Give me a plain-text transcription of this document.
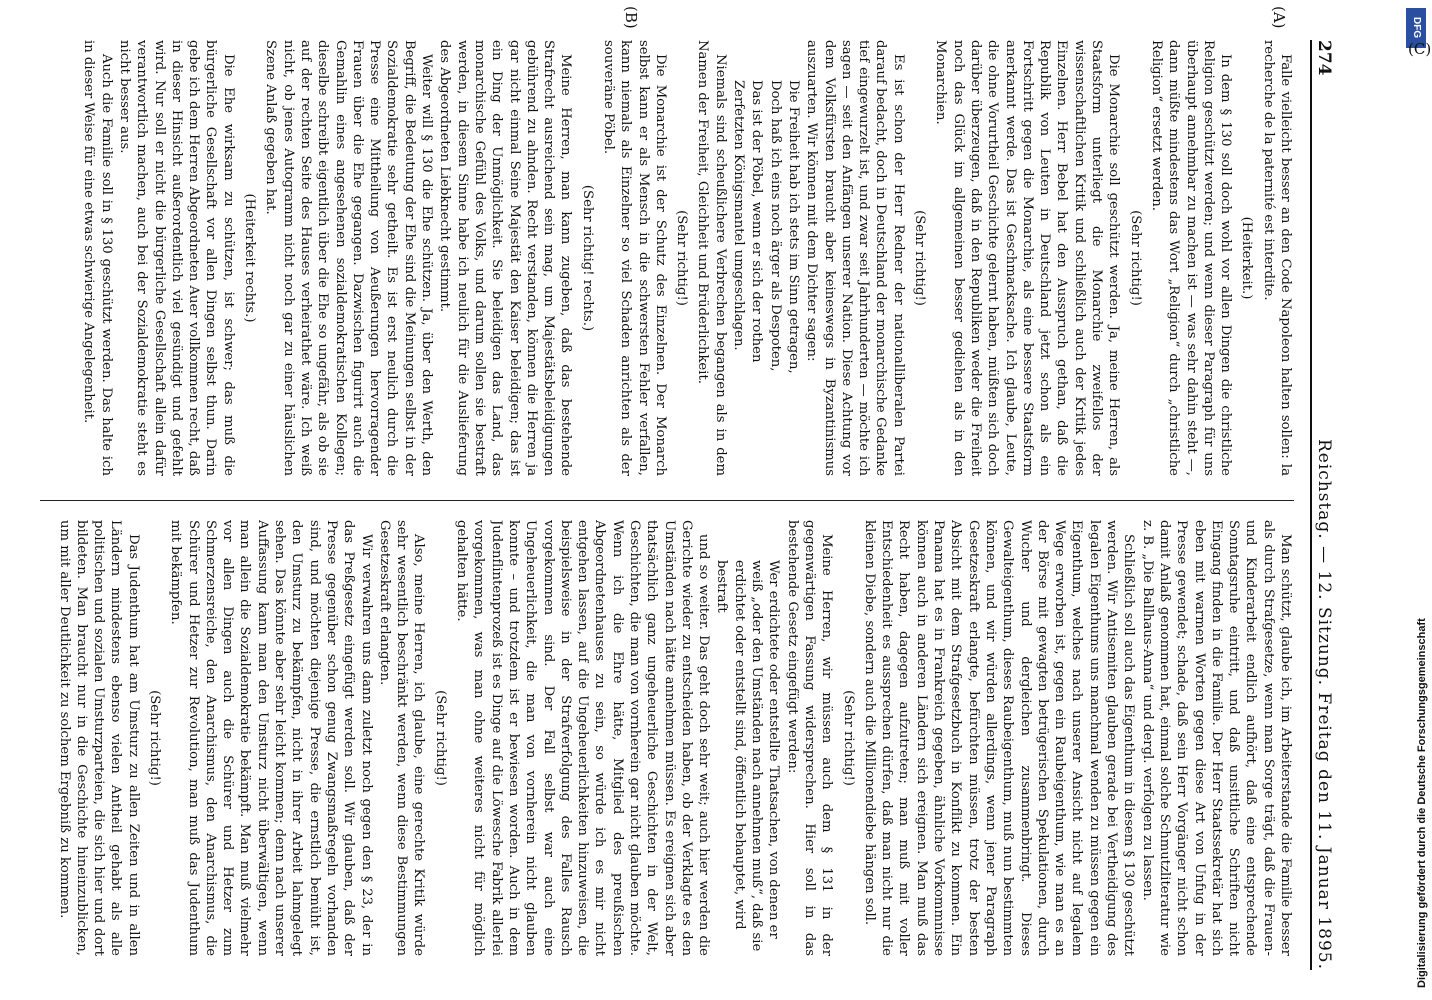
274
Reichstag. — 12. Sitzung. Freitag den 11. Januar 1895.
(A)
(B)

Falle vielleicht besser an den Code Napoleon halten sollen: la recherche de la paternité est interdite.

(Heiterkeit.)

In dem § 130 soll doch wohl vor allen Dingen die christliche Religion geschützt werden; und wenn dieser Paragraph für uns überhaupt annehmbar zu machen ist — was sehr dahin steht —, dann müßte mindestens das Wort „Religion“ durch „christliche Religion“ ersetzt werden.

(Sehr richtig!)

Die Monarchie soll geschützt werden. Ja, meine Herren, als Staatsform unterliegt die Monarchie zweifellos der wissenschaftlichen Kritik und schließlich auch der Kritik jedes Einzelnen. Herr Bebel hat den Ausspruch gethan, daß die Republik von Leuten in Deutschland jetzt schon als ein Fortschritt gegen die Monarchie, als eine bessere Staatsform anerkannt werde. Das ist Geschmacksache. Ich glaube, Leute, die ohne Vorurtheil Geschichte gelernt haben, müßten sich doch darüber überzeugen, daß in den Republiken weder die Freiheit noch das Glück im allgemeinen besser gediehen als in den Monarchien.

(Sehr richtig!)

Es ist schon der Herr Redner der nationalliberalen Partei darauf bedacht, doch in Deutschland der monarchische Gedanke tief eingewurzelt ist, und zwar seit Jahrhunderten — möchte ich sagen — seit den Anfängen unserer Nation. Diese Achtung vor dem Volksfürsten braucht aber keineswegs in Byzantinismus auszuarten. Wir können mit dem Dichter sagen:

Die Freiheit hab ich stets im Sinn getragen,

Doch haß ich eins noch ärger als Despoten,

Das ist der Pöbel, wenn er sich der rothen

Zerfetzten Königsmantel umgeschlagen.

Niemals sind scheußlichere Verbrechen begangen als in dem Namen der Freiheit, Gleichheit und Brüderlichkeit.

(Sehr richtig!)

Die Monarchie ist der Schutz des Einzelnen. Der Monarch selbst kann er als Mensch in die schwersten Fehler verfallen, kann niemals als Einzelner so viel Schaden anrichten als der souveräne Pöbel.

(Sehr richtig! rechts.)

Meine Herren, man kann zugeben, daß das bestehende Strafrecht ausreichend sein mag, um Majestätsbeleidigungen gebührend zu ahnden. Recht verstanden, können die Herren ja gar nicht einmal Seine Majestät den Kaiser beleidigen; das ist ein Ding der Unmöglichkeit. Sie beleidigen das Land, das monarchische Gefühl des Volks, und darum sollen sie bestraft werden, in diesem Sinne habe ich neulich für die Auslieferung des Abgeordneten Liebknecht gestimmt.

Weiter will § 130 die Ehe schützen. Ja, über den Werth, den Begriff, die Bedeutung der Ehe sind die Meinungen selbst in der Sozialdemokratie sehr getheilt. Es ist erst neulich durch die Presse eine Mittheilung von Aeußerungen hervorragender Frauen über die Ehe gegangen. Dazwischen figurirt auch die Gemahlin eines angesehenen sozialdemokratischen Kollegen; dieselbe schreibt eigentlich über die Ehe so ungefähr, als ob sie auf der rechten Seite des Hauses verheirathet wäre. Ich weiß nicht, ob jenes Autogramm nicht noch gar zu einer häuslichen Szene Anlaß gegeben hat.

(Heiterkeit rechts.)

Die Ehe wirksam zu schützen, ist schwer; das muß die bürgerliche Gesellschaft vor allen Dingen selbst thun. Darin gebe ich dem Herren Abgeordneten Auer vollkommen recht, daß in dieser Hinsicht außerordentlich viel gesündigt und gefehlt wird. Nur soll er nicht die bürgerliche Gesellschaft allein dafür verantwortlich machen, auch bei der Sozialdemokratie steht es nicht besser aus.

Auch die Familie soll in § 130 geschützt werden. Das halte ich in dieser Weise für eine etwas schwierige Angelegenheit.

Man schützt, glaube ich, im Arbeiterstande die Familie besser als durch Strafgesetze, wenn man Sorge trägt, daß die Frauen- und Kinderarbeit endlich aufhört, daß eine entsprechende Sonntagsruhe eintritt, und daß unsittliche Schriften nicht Eingang finden in die Familie. Der Herr Staatssekretär hat sich eben mit warmen Worten gegen diese Art von Unfug in der Presse gewendet; schade, daß sein Herr Vorgänger nicht schon damit Anlaß genommen hat, einmal solche Schmutzliteratur wie z. B. „Die Ballhaus-Anna“ und dergl. verfolgen zu lassen.

Schließlich soll auch das Eigenthum in diesem § 130 geschützt werden. Wir Antisemiten glauben gerade bei Vertheidigung des legalen Eigenthums uns manchmal wenden zu müssen gegen ein Eigenthum, welches nach unserer Ansicht nicht auf legalem Wege erworben ist, gegen ein Raubeigenthum, wie man es an der Börse mit gewagten betrügerischen Spekulationen, durch Wucher und dergleichen zusammenbringt. Dieses Gewalteigenthum, dieses Raubeigenthum, muß nun bestimmten können, und wir würden allerdings, wenn jener Paragraph Gesetzeskraft erlangte, befürchten müssen, trotz der besten Absicht mit dem Strafgesetzbuch in Konflikt zu kommen. Ein Panama hat es in Frankreich gegeben, ähnliche Vorkommnisse können auch in anderen Ländern sich ereignen. Man muß das Recht haben, dagegen aufzutreten; man muß mit voller Entschiedenheit es aussprechen dürfen, daß man nicht nur die kleinen Diebe, sondern auch die Millionendiebe hängen soll.

(Sehr richtig!)

Meine Herren, wir müssen auch dem § 131 in der gegenwärtigen Fassung widersprechen. Hier soll in das bestehende Gesetz eingefügt werden:

Wer erdichtete oder entstellte Thatsachen, von denen er weiß „oder den Umständen nach annehmen muß“, daß sie erdichtet oder entstellt sind, öffentlich behauptet, wird bestraft

und so weiter. Das geht doch sehr weit; auch hier werden die Gerichte wieder zu entscheiden haben, ob der Verklagte es den Umständen nach hätte annehmen müssen. Es ereignen sich aber thatsächlich ganz ungeheuerliche Geschichten in der Welt, Geschichten, die man von vornherein gar nicht glauben möchte. Wenn ich die Ehre hätte, Mitglied des preußischen Abgeordnetenhauses zu sein, so würde ich es mir nicht entgehen lassen, auf die Ungeheuerlichkeiten hinzuweisen, die beispielsweise in der Strafverfolgung des Falles Rausch vorgekommen sind. Der Fall selbst war auch eine Ungeheuerlichkeit, die man von vornherein nicht glauben konnte – und trotzdem ist er bewiesen worden. Auch in dem Judenflintenprozeß ist es Dinge auf die Löwesche Fabrik allerlei vorgekommen, was man ohne weiteres nicht für möglich gehalten hätte.

(Sehr richtig!)

Also, meine Herren, ich glaube, eine gerechte Kritik würde sehr wesentlich beschränkt werden, wenn diese Bestimmungen Gesetzeskraft erlangten.

Wir verwahren uns dann zuletzt noch gegen den § 23, der in das Preßgesetz eingefügt werden soll. Wir glauben, daß der Presse gegenüber schon genug Zwangsmaßregeln vorhanden sind, und möchten diejenige Presse, die ernstlich bemüht ist, den Umsturz zu bekämpfen, nicht in ihrer Arbeit lahmgelegt sehen. Das könnte aber sehr leicht kommen; denn nach unserer Auffassung kann man den Umsturz nicht überwältigen, wenn man allein die Sozialdemokratie bekämpft. Man muß vielmehr vor allen Dingen auch die Schürer und Hetzer zum Schmerzensreiche, den Anarchismus, den Anarchismus, die Schürer und Hetzer zur Revolution, man muß das Judenthum mit bekämpfen.

(Sehr richtig!)

Das Judenthum hat am Umsturz zu allen Zeiten und in allen Ländern mindestens ebenso vielen Antheil gehabt als alle politischen und sozialen Umsturzparteien, die sich hier und dort bildeten. Man braucht nur in die Geschichte hineinzublicken, um mit aller Deutlichkeit zu solchem Ergebniß zu kommen.

DFG
(C)
Digitalisierung gefördert durch die Deutsche Forschungsgemeinschaft
